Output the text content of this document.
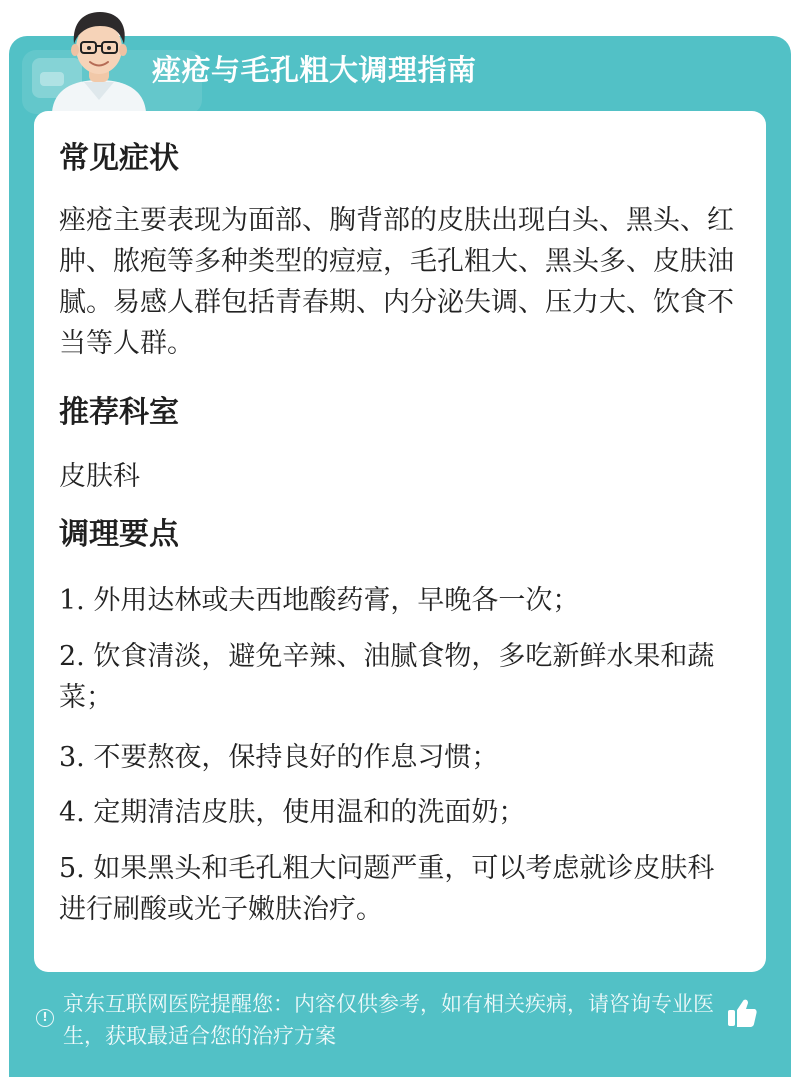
痤疮与毛孔粗大调理指南
常见症状

痤疮主要表现为面部、胸背部的皮肤出现白头、黑头、红肿、脓疱等多种类型的痘痘，毛孔粗大、黑头多、皮肤油腻。易感人群包括青春期、内分泌失调、压力大、饮食不当等人群。

推荐科室

皮肤科

调理要点
1. 外用达林或夫西地酸药膏，早晚各一次；
2. 饮食清淡，避免辛辣、油腻食物，多吃新鲜水果和蔬菜；
3. 不要熬夜，保持良好的作息习惯；
4. 定期清洁皮肤，使用温和的洗面奶；
5. 如果黑头和毛孔粗大问题严重，可以考虑就诊皮肤科进行刷酸或光子嫩肤治疗。
!
京东互联网医院提醒您：内容仅供参考，如有相关疾病，请咨询专业医生，获取最适合您的治疗方案
